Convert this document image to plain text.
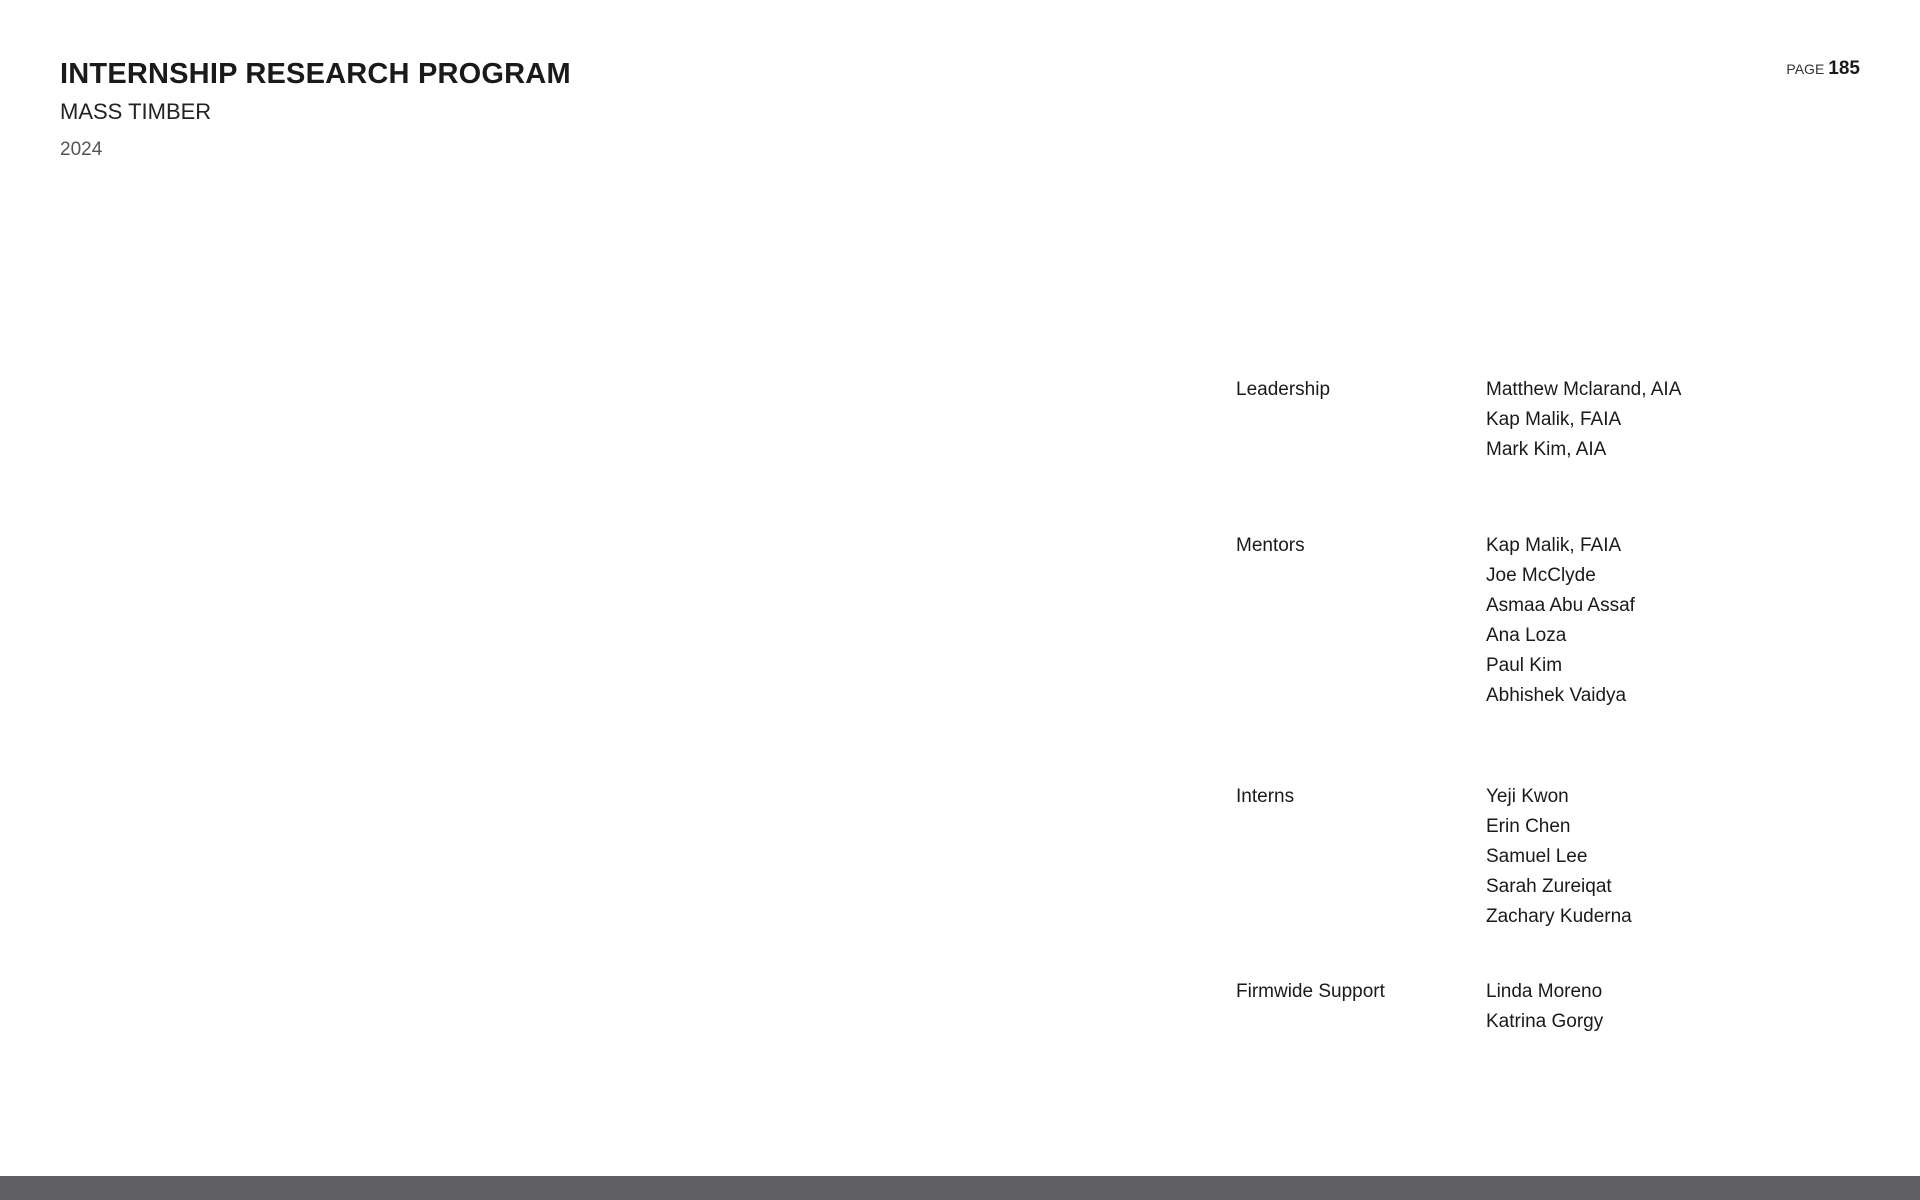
INTERNSHIP RESEARCH PROGRAM
MASS TIMBER
2024
PAGE 185
Leadership	Matthew Mclarand, AIA
Kap Malik, FAIA
Mark Kim, AIA
Mentors	Kap Malik, FAIA
Joe McClyde
Asmaa Abu Assaf
Ana Loza
Paul Kim
Abhishek Vaidya
Interns	Yeji Kwon
Erin Chen
Samuel Lee
Sarah Zureiqat
Zachary Kuderna
Firmwide Support	Linda Moreno
Katrina Gorgy
